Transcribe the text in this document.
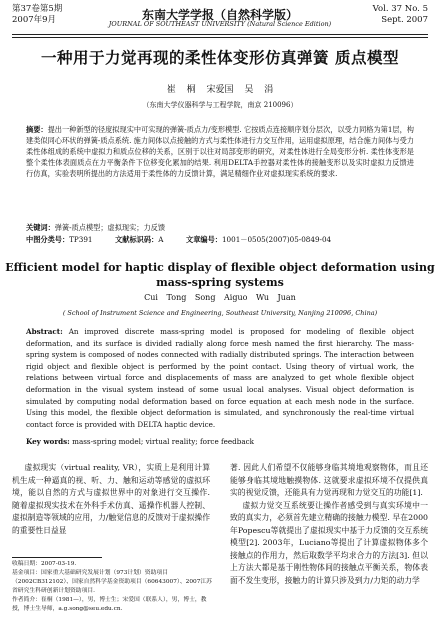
第37卷第5期
2007年9月	东南大学学报（自然科学版）
JOURNAL OF SOUTHEAST UNIVERSITY (Natural Science Edition)
Vol. 37 No. 5
Sept. 2007
一种用于力觉再现的柔性体变形仿真弹簧 质点模型
崔 桐 宋爱国 吴 涓
（东南大学仪器科学与工程学院，南京 210096）
摘要：提出一种新型的径度拟现实中可实现的弹簧-质点力/变形模型. 它按质点连接顺序划分层次，以受力同格为第1层，构建类似同心环状的弹簧-质点系统. 施力间体以点接触的方式与柔性体进行力交互作用，运用虚拟原理，结合施力间体与受力柔性体组成的系统中虚拟力和质点位移的关系，区别于以往对局部变形的研究，对柔性体进行全局变形分析. 柔性体变形是整个柔性体表面质点在力平衡条件下位移变化累加的结果. 利用DELTA手控器对柔性体的接触变形以及实时虚拟力反馈进行仿真，实验表明所提出的方法适用于柔性体的力反馈计算，满足精细作业对虚拟现实系统的要求.
关键词：弹簧-质点模型；虚拟现实；力反馈
中图分类号：TP391	文献标识码：A	文章编号：1001－0505(2007)05-0849-04
Efficient model for haptic display of flexible object deformation using mass-spring systems
Cui Tong Song Aiguo Wu Juan
( School of Instrument Science and Engineering, Southeast University, Nanjing 210096, China)
Abstract: An improved discrete mass-spring model is proposed for modeling of flexible object deformation, and its surface is divided radially along force mesh named the first hierarchy. The mass-spring system is composed of nodes connected with radially distributed springs. The interaction between rigid object and flexible object is performed by the point contact. Using theory of virtual work, the relations between virtual force and displacements of mass are analyzed to get whole flexible object deformation in the visual system instead of some usual local analyses. Visual object deformation is simulated by computing nodal deformation based on force equation at each mesh node in the surface. Using this model, the flexible object deformation is simulated, and synchronously the real-time virtual contact force is provided with DELTA haptic device.
Key words: mass-spring model; virtual reality; force feedback
虚拟现实（virtual reality, VR），实质上是利用计算机生成一种逼真的视、听、力、触和运动等感觉的虚拟环境，能以自然的方式与虚拟世界中的对象进行交互操作. 随着虚拟现实技术在外科手术仿真、遥操作机器人控制、虚拟制造等领域的应用，力/触觉信息的反馈对于虚拟操作的重要性日益显
著. 因此人们希望不仅能够身临其境地观察物体，而且还能够身临其境地触摸物体. 这就要求虚拟环境不仅提供真实的视觉反馈，还能具有力觉再现和力觉交互的功能[1].
虚拟力觉交互系统要让操作者感受到与真实环境中一致的真实力，必须首先建立精确的接触力模型. 早在2000年Popescu等就提出了虚拟现实中基于力反馈的交互系统模型[2]. 2003年，Luciano等提出了计算虚拟物体多个接触点的作用力，然后取数学平均求合力的方法[3]. 但以上方法大都是基于刚性物体间的接触点平衡关系，物体表面不发生变形，接触力的计算只涉及到力/力矩的动力学
收稿日期：2007-03-19.
基金项目：国家重大基础研究发展计划（973计划）资助项目（2002CB312102）、国家自然科学基金资助项目（60643007）、2007江苏省研究生科研创新计划资助项目.
作者简介：崔桐（1981—），男，博士生；宋爱国（联系人），男，博士，教授，博士生导师，a.g.song@seu.edu.cn.
